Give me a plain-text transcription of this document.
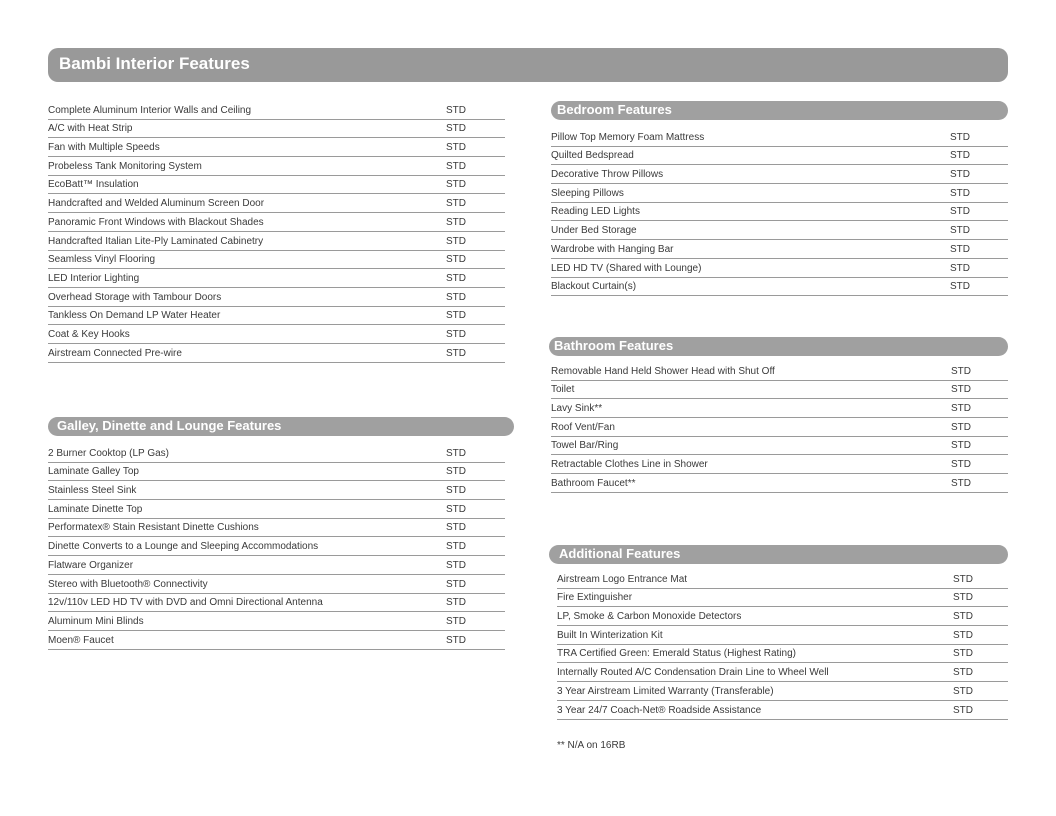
Bambi Interior Features
Complete Aluminum Interior Walls and Ceiling	STD
A/C with Heat Strip	STD
Fan with Multiple Speeds	STD
Probeless Tank Monitoring System	STD
EcoBatt™ Insulation	STD
Handcrafted and Welded Aluminum Screen Door	STD
Panoramic Front Windows with Blackout Shades	STD
Handcrafted Italian Lite-Ply Laminated Cabinetry	STD
Seamless Vinyl Flooring	STD
LED Interior Lighting	STD
Overhead Storage with Tambour Doors	STD
Tankless On Demand LP Water Heater	STD
Coat & Key Hooks	STD
Airstream Connected Pre-wire	STD
Galley, Dinette and Lounge Features
2 Burner Cooktop (LP Gas)	STD
Laminate Galley Top	STD
Stainless Steel Sink	STD
Laminate Dinette Top	STD
Performatex® Stain Resistant Dinette Cushions	STD
Dinette Converts to a Lounge and Sleeping Accommodations	STD
Flatware Organizer	STD
Stereo with Bluetooth® Connectivity	STD
12v/110v LED HD TV with DVD and Omni Directional Antenna	STD
Aluminum Mini Blinds	STD
Moen® Faucet	STD
Bedroom Features
Pillow Top Memory Foam Mattress	STD
Quilted Bedspread	STD
Decorative Throw Pillows	STD
Sleeping Pillows	STD
Reading LED Lights	STD
Under Bed Storage	STD
Wardrobe with Hanging Bar	STD
LED HD TV (Shared with Lounge)	STD
Blackout Curtain(s)	STD
Bathroom Features
Removable Hand Held Shower Head with Shut Off	STD
Toilet	STD
Lavy Sink**	STD
Roof Vent/Fan	STD
Towel Bar/Ring	STD
Retractable Clothes Line in Shower	STD
Bathroom Faucet**	STD
Additional Features
Airstream Logo Entrance Mat	STD
Fire Extinguisher	STD
LP, Smoke & Carbon Monoxide Detectors	STD
Built In Winterization Kit	STD
TRA Certified Green: Emerald Status (Highest Rating)	STD
Internally Routed A/C Condensation Drain Line to Wheel Well	STD
3 Year Airstream Limited Warranty (Transferable)	STD
3 Year 24/7 Coach-Net® Roadside Assistance	STD
** N/A on 16RB
